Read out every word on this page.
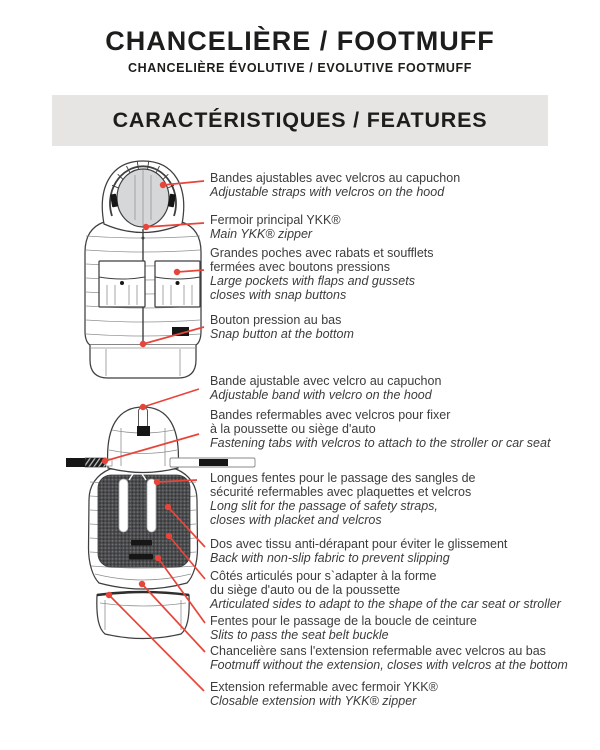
CHANCELIÈRE / FOOTMUFF
CHANCELIÈRE ÉVOLUTIVE / EVOLUTIVE FOOTMUFF
CARACTÉRISTIQUES / FEATURES
Bandes ajustables avec velcros au capuchon
Adjustable straps with velcros on the hood
Fermoir principal YKK®
Main YKK® zipper
Grandes poches avec rabats et soufflets
fermées avec boutons pressions
Large pockets with flaps and gussets
closes with snap buttons
Bouton pression au bas
Snap button at the bottom
Bande ajustable avec velcro au capuchon
Adjustable band with velcro on the hood
Bandes refermables avec velcros pour fixer
à la poussette ou siège d'auto
Fastening tabs with velcros to attach to the stroller or car seat
Longues fentes pour le passage des sangles de
sécurité refermables avec plaquettes et velcros
Long slit for the passage of safety straps,
closes with placket and velcros
Dos avec tissu anti-dérapant pour éviter le glissement
Back with non-slip fabric to prevent slipping
Côtés articulés pour s`adapter à la forme
du siège d'auto ou de la poussette
Articulated sides to adapt to the shape of the car seat or stroller
Fentes pour le passage de la boucle de ceinture
Slits to pass the seat belt buckle
Chancelière sans l'extension refermable avec velcros au bas
Footmuff without the extension, closes with velcros at the bottom
Extension refermable avec fermoir YKK®
Closable extension with YKK® zipper
